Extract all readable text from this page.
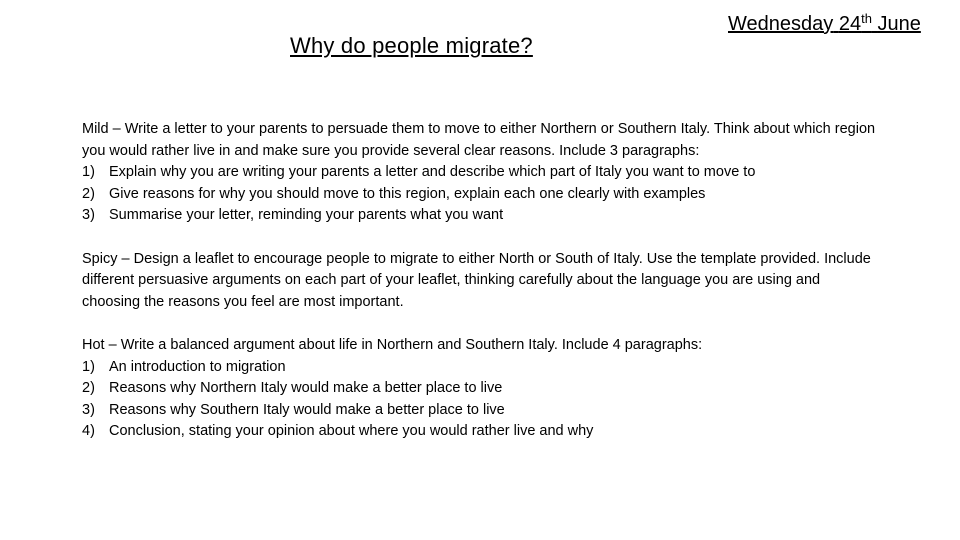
Why do people migrate?
Wednesday 24th June
Mild – Write a letter to your parents to persuade them to move to either Northern or Southern Italy. Think about which region you would rather live in and make sure you provide several clear reasons. Include 3 paragraphs:
1) Explain why you are writing your parents a letter and describe which part of Italy you want to move to
2) Give reasons for why you should move to this region, explain each one clearly with examples
3) Summarise your letter, reminding your parents what you want
Spicy – Design a leaflet to encourage people to migrate to either North or South of Italy. Use the template provided. Include different persuasive arguments on each part of your leaflet, thinking carefully about the language you are using and choosing the reasons you feel are most important.
Hot – Write a balanced argument about life in Northern and Southern Italy. Include 4 paragraphs:
1) An introduction to migration
2) Reasons why Northern Italy would make a better place to live
3) Reasons why Southern Italy would make a better place to live
4) Conclusion, stating your opinion about where you would rather live and why
